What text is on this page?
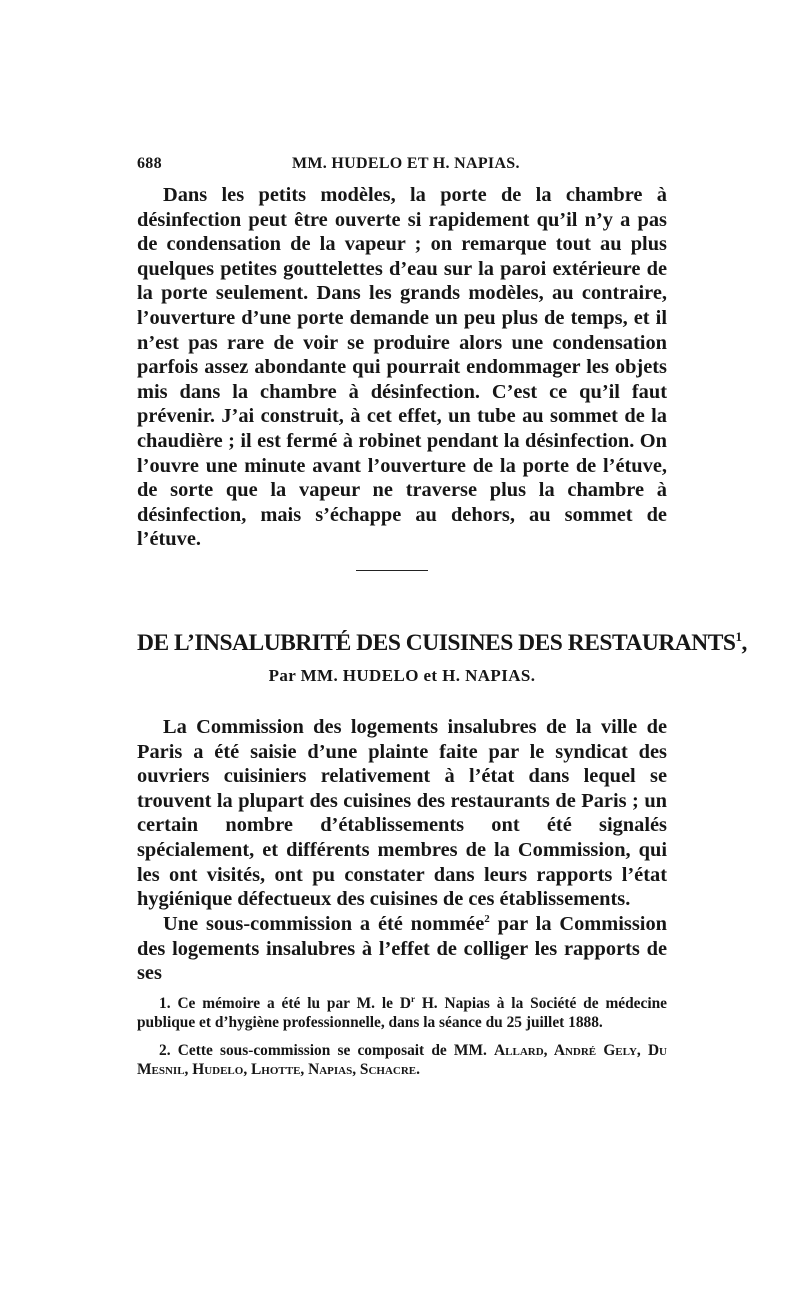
688	MM. HUDELO ET H. NAPIAS.

Dans les petits modèles, la porte de la chambre à désinfection peut être ouverte si rapidement qu’il n’y a pas de condensation de la vapeur ; on remarque tout au plus quelques petites gouttelettes d’eau sur la paroi extérieure de la porte seulement. Dans les grands modèles, au contraire, l’ouverture d’une porte demande un peu plus de temps, et il n’est pas rare de voir se produire alors une condensation parfois assez abondante qui pourrait endommager les objets mis dans la chambre à désinfection. C’est ce qu’il faut prévenir. J’ai construit, à cet effet, un tube au sommet de la chaudière ; il est fermé à robinet pendant la désinfection. On l’ouvre une minute avant l’ouverture de la porte de l’étuve, de sorte que la vapeur ne traverse plus la chambre à désinfection, mais s’échappe au dehors, au sommet de l’étuve.

DE L’INSALUBRITÉ DES CUISINES DES RESTAURANTS$^1$,
Par MM. HUDELO et H. NAPIAS.

La Commission des logements insalubres de la ville de Paris a été saisie d’une plainte faite par le syndicat des ouvriers cuisiniers relativement à l’état dans lequel se trouvent la plupart des cuisines des restaurants de Paris ; un certain nombre d’établissements ont été signalés spécialement, et différents membres de la Commission, qui les ont visités, ont pu constater dans leurs rapports l’état hygiénique défectueux des cuisines de ces établissements.

Une sous-commission a été nommée$^2$ par la Commission des logements insalubres à l’effet de colliger les rapports de ses

1. Ce mémoire a été lu par M. le $D^r$ H. Napias à la Société de médecine publique et d’hygiène professionnelle, dans la séance du 25 juillet 1888.

2. Cette sous-commission se composait de MM. Allard, André Gely, Du Mesnil, Hudelo, Lhotte, Napias, Schacre.
